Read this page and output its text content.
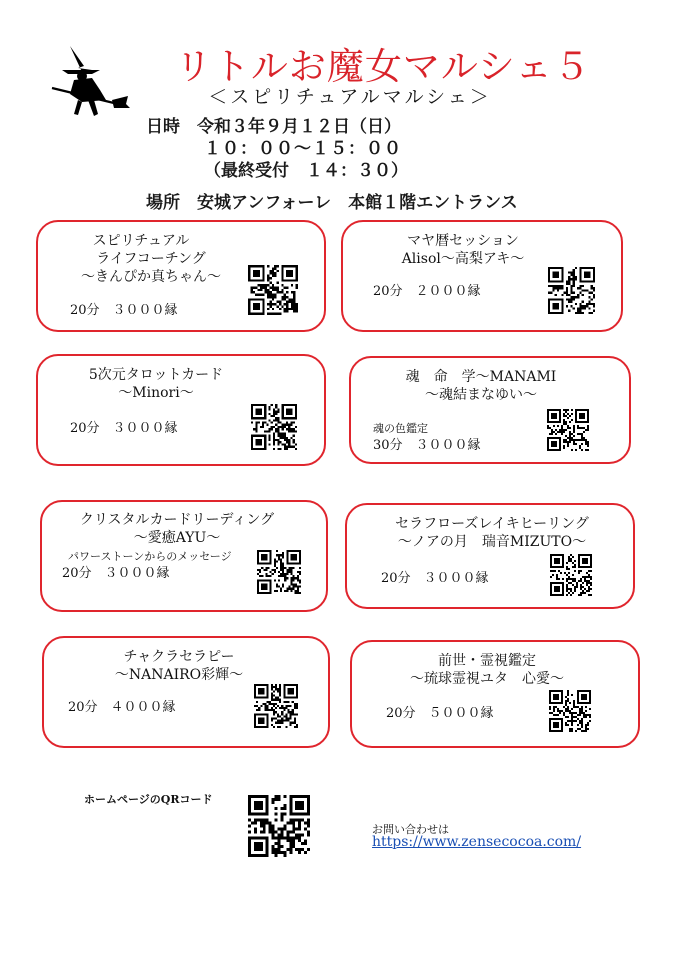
リトルお魔女マルシェ５
＜スピリチュアルマルシェ＞
日時　令和３年９月１２日（日）
１０：００〜１５：００
（最終受付　１４：３０）
場所　安城アンフォーレ　本館１階エントランス
スピリチュアル
ライフコーチング
〜きんぴか真ちゃん〜
20分　３０００縁
マヤ暦セッション
Alisol〜高梨アキ〜
20分　２０００縁
5次元タロットカード
〜Minori〜
20分　３０００縁
魂　命　学〜MANAMI
〜魂結まなゆい〜
魂の色鑑定
30分　３０００縁
クリスタルカードリーディング
〜愛癒AYU〜
パワーストーンからのメッセージ
20分　３０００縁
セラフローズレイキヒーリング
〜ノアの月　瑞音MIZUTO〜
20分　３０００縁
チャクラセラピー
〜NANAIRO彩輝〜
20分　４０００縁
前世・霊視鑑定
〜琉球霊視ユタ　心愛〜
20分　５０００縁
ホームページのQRコード
お問い合わせは
https://www.zensecocoa.com/
